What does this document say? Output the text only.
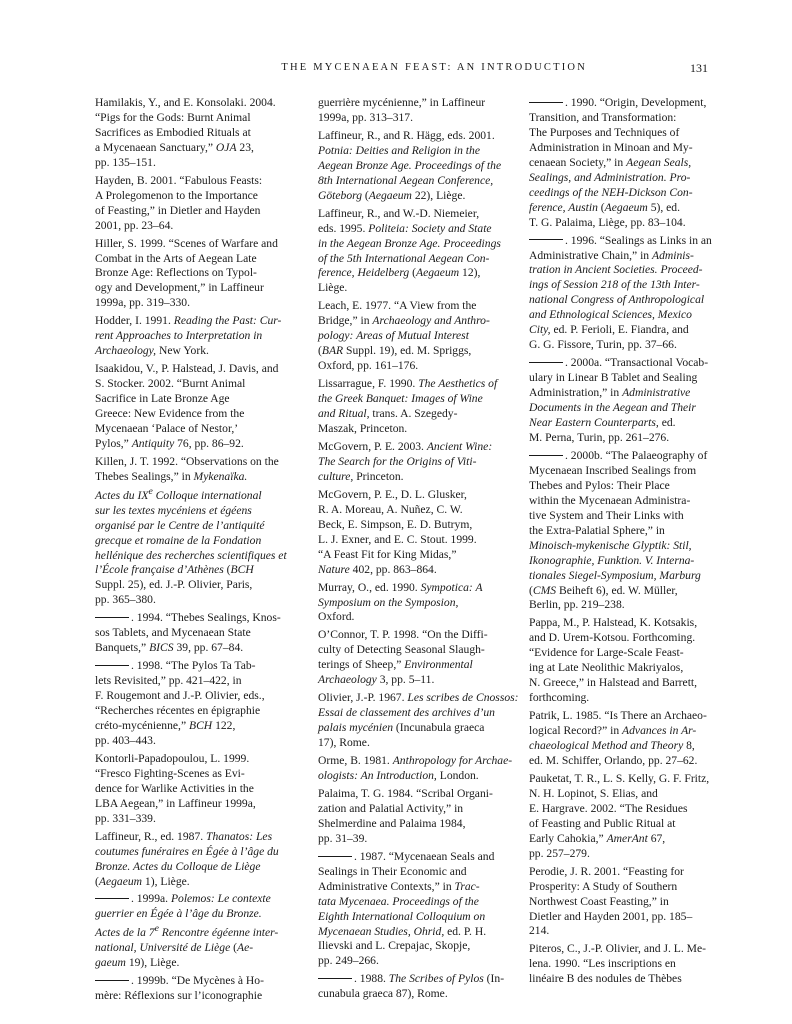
THE MYCENAEAN FEAST: AN INTRODUCTION	131
Hamilakis, Y., and E. Konsolaki. 2004.
“Pigs for the Gods: Burnt Animal
Sacrifices as Embodied Rituals at
a Mycenaean Sanctuary,” OJA 23,
pp. 135–151.
Hayden, B. 2001. “Fabulous Feasts:
A Prolegomenon to the Importance
of Feasting,” in Dietler and Hayden
2001, pp. 23–64.
Hiller, S. 1999. “Scenes of Warfare and
Combat in the Arts of Aegean Late
Bronze Age: Reflections on Typol-
ogy and Development,” in Laffineur
1999a, pp. 319–330.
Hodder, I. 1991. Reading the Past: Cur-
rent Approaches to Interpretation in
Archaeology, New York.
Isaakidou, V., P. Halstead, J. Davis, and
S. Stocker. 2002. “Burnt Animal
Sacrifice in Late Bronze Age
Greece: New Evidence from the
Mycenaean ‘Palace of Nestor,’
Pylos,” Antiquity 76, pp. 86–92.
Killen, J. T. 1992. “Observations on the
Thebes Sealings,” in Mykenaïka.
Actes du IXe Colloque international
sur les textes mycéniens et égéens
organisé par le Centre de l’antiquité
grecque et romaine de la Fondation
hellénique des recherches scientifiques et
l’École française d’Athènes (BCH
Suppl. 25), ed. J.-P. Olivier, Paris,
pp. 365–380.
. 1994. “Thebes Sealings, Knos-
sos Tablets, and Mycenaean State
Banquets,” BICS 39, pp. 67–84.
. 1998. “The Pylos Ta Tab-
lets Revisited,” pp. 421–422, in
F. Rougemont and J.-P. Olivier, eds.,
“Recherches récentes en épigraphie
créto-mycénienne,” BCH 122,
pp. 403–443.
Kontorli-Papadopoulou, L. 1999.
“Fresco Fighting-Scenes as Evi-
dence for Warlike Activities in the
LBA Aegean,” in Laffineur 1999a,
pp. 331–339.
Laffineur, R., ed. 1987. Thanatos: Les
coutumes funéraires en Égée à l’âge du
Bronze. Actes du Colloque de Liège
(Aegaeum 1), Liège.
. 1999a. Polemos: Le contexte
guerrier en Égée à l’âge du Bronze.
Actes de la 7e Rencontre égéenne inter-
national, Université de Liège (Ae-
gaeum 19), Liège.
. 1999b. “De Mycènes à Ho-
mère: Réflexions sur l’iconographie
guerrière mycénienne,” in Laffineur
1999a, pp. 313–317.
Laffineur, R., and R. Hägg, eds. 2001.
Potnia: Deities and Religion in the
Aegean Bronze Age. Proceedings of the
8th International Aegean Conference,
Göteborg (Aegaeum 22), Liège.
Laffineur, R., and W.-D. Niemeier,
eds. 1995. Politeia: Society and State
in the Aegean Bronze Age. Proceedings
of the 5th International Aegean Con-
ference, Heidelberg (Aegaeum 12),
Liège.
Leach, E. 1977. “A View from the
Bridge,” in Archaeology and Anthro-
pology: Areas of Mutual Interest
(BAR Suppl. 19), ed. M. Spriggs,
Oxford, pp. 161–176.
Lissarrague, F. 1990. The Aesthetics of
the Greek Banquet: Images of Wine
and Ritual, trans. A. Szegedy-
Maszak, Princeton.
McGovern, P. E. 2003. Ancient Wine:
The Search for the Origins of Viti-
culture, Princeton.
McGovern, P. E., D. L. Glusker,
R. A. Moreau, A. Nuñez, C. W.
Beck, E. Simpson, E. D. Butrym,
L. J. Exner, and E. C. Stout. 1999.
“A Feast Fit for King Midas,”
Nature 402, pp. 863–864.
Murray, O., ed. 1990. Sympotica: A
Symposium on the Symposion,
Oxford.
O’Connor, T. P. 1998. “On the Diffi-
culty of Detecting Seasonal Slaugh-
terings of Sheep,” Environmental
Archaeology 3, pp. 5–11.
Olivier, J.-P. 1967. Les scribes de Cnossos:
Essai de classement des archives d’un
palais mycénien (Incunabula graeca
17), Rome.
Orme, B. 1981. Anthropology for Archae-
ologists: An Introduction, London.
Palaima, T. G. 1984. “Scribal Organi-
zation and Palatial Activity,” in
Shelmerdine and Palaima 1984,
pp. 31–39.
. 1987. “Mycenaean Seals and
Sealings in Their Economic and
Administrative Contexts,” in Trac-
tata Mycenaea. Proceedings of the
Eighth International Colloquium on
Mycenaean Studies, Ohrid, ed. P. H.
Ilievski and L. Crepajac, Skopje,
pp. 249–266.
. 1988. The Scribes of Pylos (In-
cunabula graeca 87), Rome.
. 1990. “Origin, Development,
Transition, and Transformation:
The Purposes and Techniques of
Administration in Minoan and My-
cenaean Society,” in Aegean Seals,
Sealings, and Administration. Pro-
ceedings of the NEH-Dickson Con-
ference, Austin (Aegaeum 5), ed.
T. G. Palaima, Liège, pp. 83–104.
. 1996. “Sealings as Links in an
Administrative Chain,” in Adminis-
tration in Ancient Societies. Proceed-
ings of Session 218 of the 13th Inter-
national Congress of Anthropological
and Ethnological Sciences, Mexico
City, ed. P. Ferioli, E. Fiandra, and
G. G. Fissore, Turin, pp. 37–66.
. 2000a. “Transactional Vocab-
ulary in Linear B Tablet and Sealing
Administration,” in Administrative
Documents in the Aegean and Their
Near Eastern Counterparts, ed.
M. Perna, Turin, pp. 261–276.
. 2000b. “The Palaeography of
Mycenaean Inscribed Sealings from
Thebes and Pylos: Their Place
within the Mycenaean Administra-
tive System and Their Links with
the Extra-Palatial Sphere,” in
Minoisch-mykenische Glyptik: Stil,
Ikonographie, Funktion. V. Interna-
tionales Siegel-Symposium, Marburg
(CMS Beiheft 6), ed. W. Müller,
Berlin, pp. 219–238.
Pappa, M., P. Halstead, K. Kotsakis,
and D. Urem-Kotsou. Forthcoming.
“Evidence for Large-Scale Feast-
ing at Late Neolithic Makriyalos,
N. Greece,” in Halstead and Barrett,
forthcoming.
Patrik, L. 1985. “Is There an Archaeo-
logical Record?” in Advances in Ar-
chaeological Method and Theory 8,
ed. M. Schiffer, Orlando, pp. 27–62.
Pauketat, T. R., L. S. Kelly, G. F. Fritz,
N. H. Lopinot, S. Elias, and
E. Hargrave. 2002. “The Residues
of Feasting and Public Ritual at
Early Cahokia,” AmerAnt 67,
pp. 257–279.
Perodie, J. R. 2001. “Feasting for
Prosperity: A Study of Southern
Northwest Coast Feasting,” in
Dietler and Hayden 2001, pp. 185–
214.
Piteros, C., J.-P. Olivier, and J. L. Me-
lena. 1990. “Les inscriptions en
linéaire B des nodules de Thèbes
